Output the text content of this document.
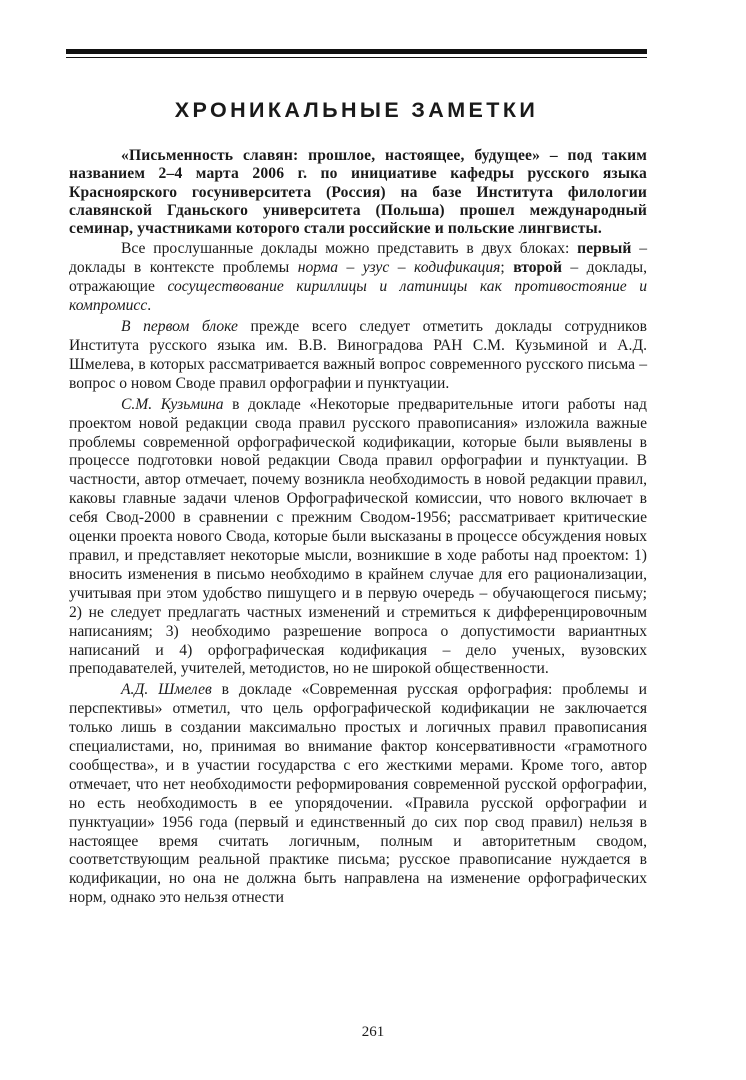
ХРОНИКАЛЬНЫЕ ЗАМЕТКИ

«Письменность славян: прошлое, настоящее, будущее» – под таким названием 2–4 марта 2006 г. по инициативе кафедры русского языка Красноярского госуниверситета (Россия) на базе Института филологии славянской Гданьского университета (Польша) прошел международный семинар, участниками которого стали российские и польские лингвисты.

Все прослушанные доклады можно представить в двух блоках: первый – доклады в контексте проблемы норма – узус – кодификация; второй – доклады, отражающие сосуществование кириллицы и латиницы как противостояние и компромисс.

В первом блоке прежде всего следует отметить доклады сотрудников Института русского языка им. В.В. Виноградова РАН С.М. Кузьминой и А.Д. Шмелева, в которых рассматривается важный вопрос современного русского письма – вопрос о новом Своде правил орфографии и пунктуации.

С.М. Кузьмина в докладе «Некоторые предварительные итоги работы над проектом новой редакции свода правил русского правописания» изложила важные проблемы современной орфографической кодификации, которые были выявлены в процессе подготовки новой редакции Свода правил орфографии и пунктуации. В частности, автор отмечает, почему возникла необходимость в новой редакции правил, каковы главные задачи членов Орфографической комиссии, что нового включает в себя Свод-2000 в сравнении с прежним Сводом-1956; рассматривает критические оценки проекта нового Свода, которые были высказаны в процессе обсуждения новых правил, и представляет некоторые мысли, возникшие в ходе работы над проектом: 1) вносить изменения в письмо необходимо в крайнем случае для его рационализации, учитывая при этом удобство пишущего и в первую очередь – обучающегося письму; 2) не следует предлагать частных изменений и стремиться к дифференцировочным написаниям; 3) необходимо разрешение вопроса о допустимости вариантных написаний и 4) орфографическая кодификация – дело ученых, вузовских преподавателей, учителей, методистов, но не широкой общественности.

А.Д. Шмелев в докладе «Современная русская орфография: проблемы и перспективы» отметил, что цель орфографической кодификации не заключается только лишь в создании максимально простых и логичных правил правописания специалистами, но, принимая во внимание фактор консервативности «грамотного сообщества», и в участии государства с его жесткими мерами. Кроме того, автор отмечает, что нет необходимости реформирования современной русской орфографии, но есть необходимость в ее упорядочении. «Правила русской орфографии и пунктуации» 1956 года (первый и единственный до сих пор свод правил) нельзя в настоящее время считать логичным, полным и авторитетным сводом, соответствующим реальной практике письма; русское правописание нуждается в кодификации, но она не должна быть направлена на изменение орфографических норм, однако это нельзя отнести

261
